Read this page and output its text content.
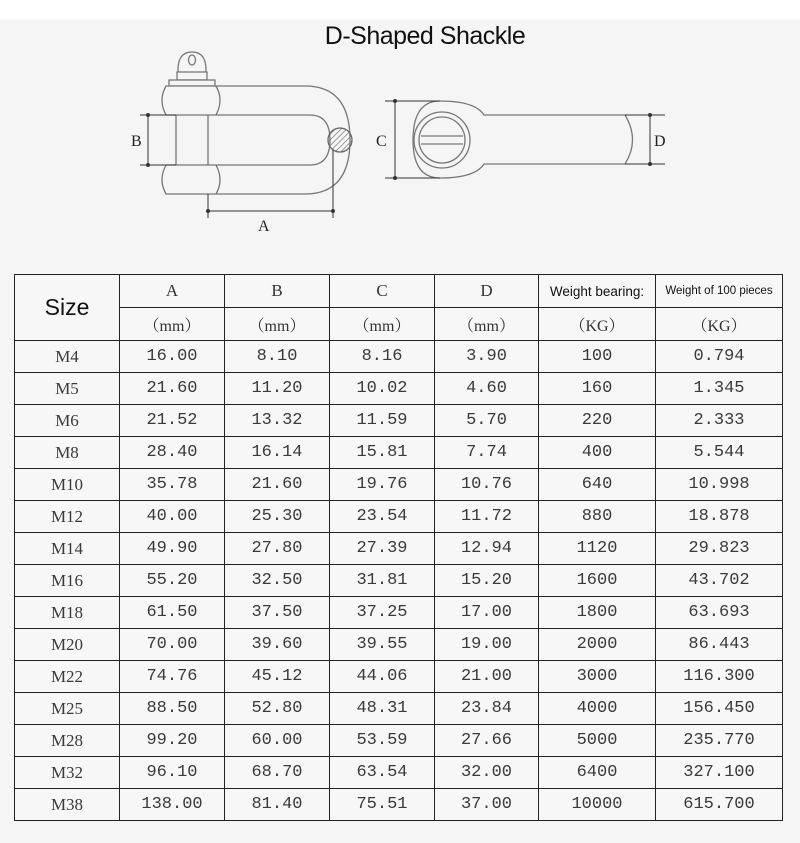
D-Shaped Shackle
B
A
C	D
Size	A	B	C	D	Weight bearing:	Weight of 100 pieces
	（mm）	（mm）	（mm）	（mm）	（KG）	（KG）
M4	16.00	8.10	8.16	3.90	100	0.794
M5	21.60	11.20	10.02	4.60	160	1.345
M6	21.52	13.32	11.59	5.70	220	2.333
M8	28.40	16.14	15.81	7.74	400	5.544
M10	35.78	21.60	19.76	10.76	640	10.998
M12	40.00	25.30	23.54	11.72	880	18.878
M14	49.90	27.80	27.39	12.94	1120	29.823
M16	55.20	32.50	31.81	15.20	1600	43.702
M18	61.50	37.50	37.25	17.00	1800	63.693
M20	70.00	39.60	39.55	19.00	2000	86.443
M22	74.76	45.12	44.06	21.00	3000	116.300
M25	88.50	52.80	48.31	23.84	4000	156.450
M28	99.20	60.00	53.59	27.66	5000	235.770
M32	96.10	68.70	63.54	32.00	6400	327.100
M38	138.00	81.40	75.51	37.00	10000	615.700
